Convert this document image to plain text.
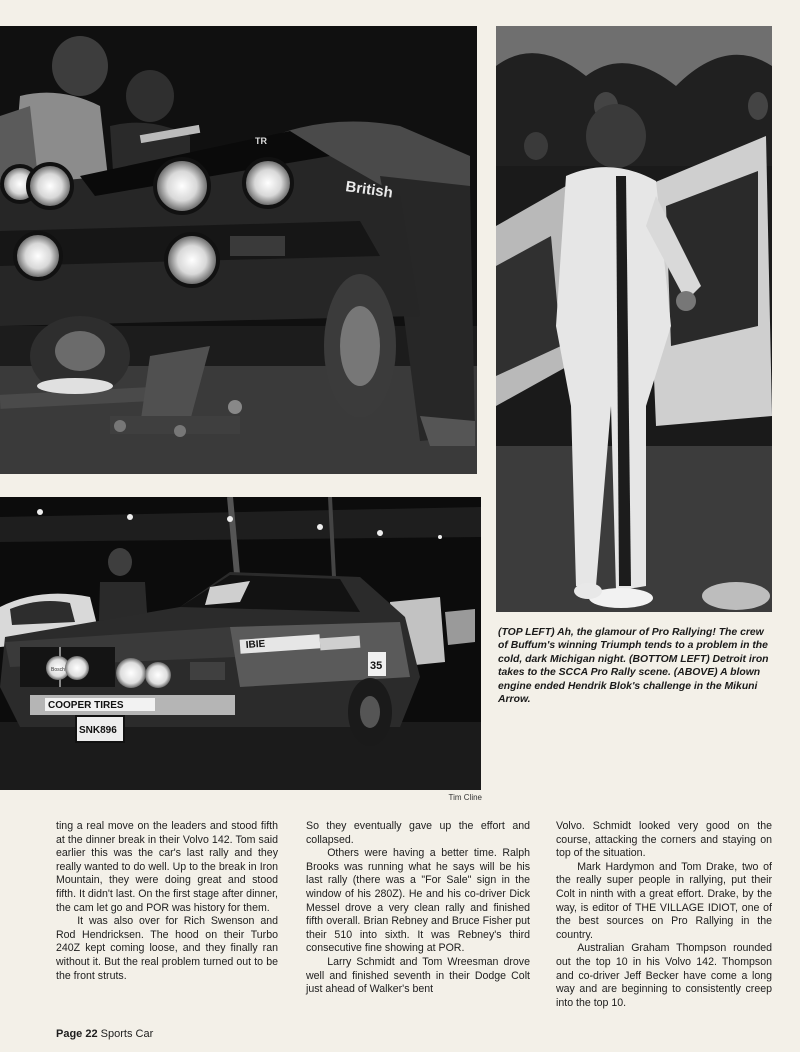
British
TR
Bosch
COOPER TIRES
SNK896
IBIE
35

(TOP LEFT) Ah, the glamour of Pro Rallying! The crew of Buffum's winning Triumph tends to a problem in the cold, dark Michigan night. (BOTTOM LEFT) Detroit iron takes to the SCCA Pro Rally scene. (ABOVE) A blown engine ended Hendrik Blok's challenge in the Mikuni Arrow.

Tim Cline

ting a real move on the leaders and stood fifth at the dinner break in their Volvo 142. Tom said earlier this was the car's last rally and they really wanted to do well. Up to the break in Iron Mountain, they were doing great and stood fifth. It didn't last. On the first stage after dinner, the cam let go and POR was history for them.

It was also over for Rich Swenson and Rod Hendricksen. The hood on their Turbo 240Z kept coming loose, and they finally ran without it. But the real problem turned out to be the front struts.

So they eventually gave up the effort and collapsed.

Others were having a better time. Ralph Brooks was running what he says will be his last rally (there was a "For Sale" sign in the window of his 280Z). He and his co-driver Dick Messel drove a very clean rally and finished fifth overall. Brian Rebney and Bruce Fisher put their 510 into sixth. It was Rebney's third consecutive fine showing at POR.

Larry Schmidt and Tom Wreesman drove well and finished seventh in their Dodge Colt just ahead of Walker's bent

Volvo. Schmidt looked very good on the course, attacking the corners and staying on top of the situation.

Mark Hardymon and Tom Drake, two of the really super people in rallying, put their Colt in ninth with a great effort. Drake, by the way, is editor of THE VILLAGE IDIOT, one of the best sources on Pro Rallying in the country.

Australian Graham Thompson rounded out the top 10 in his Volvo 142. Thompson and co-driver Jeff Becker have come a long way and are beginning to consistently creep into the top 10.

Page 22 Sports Car
